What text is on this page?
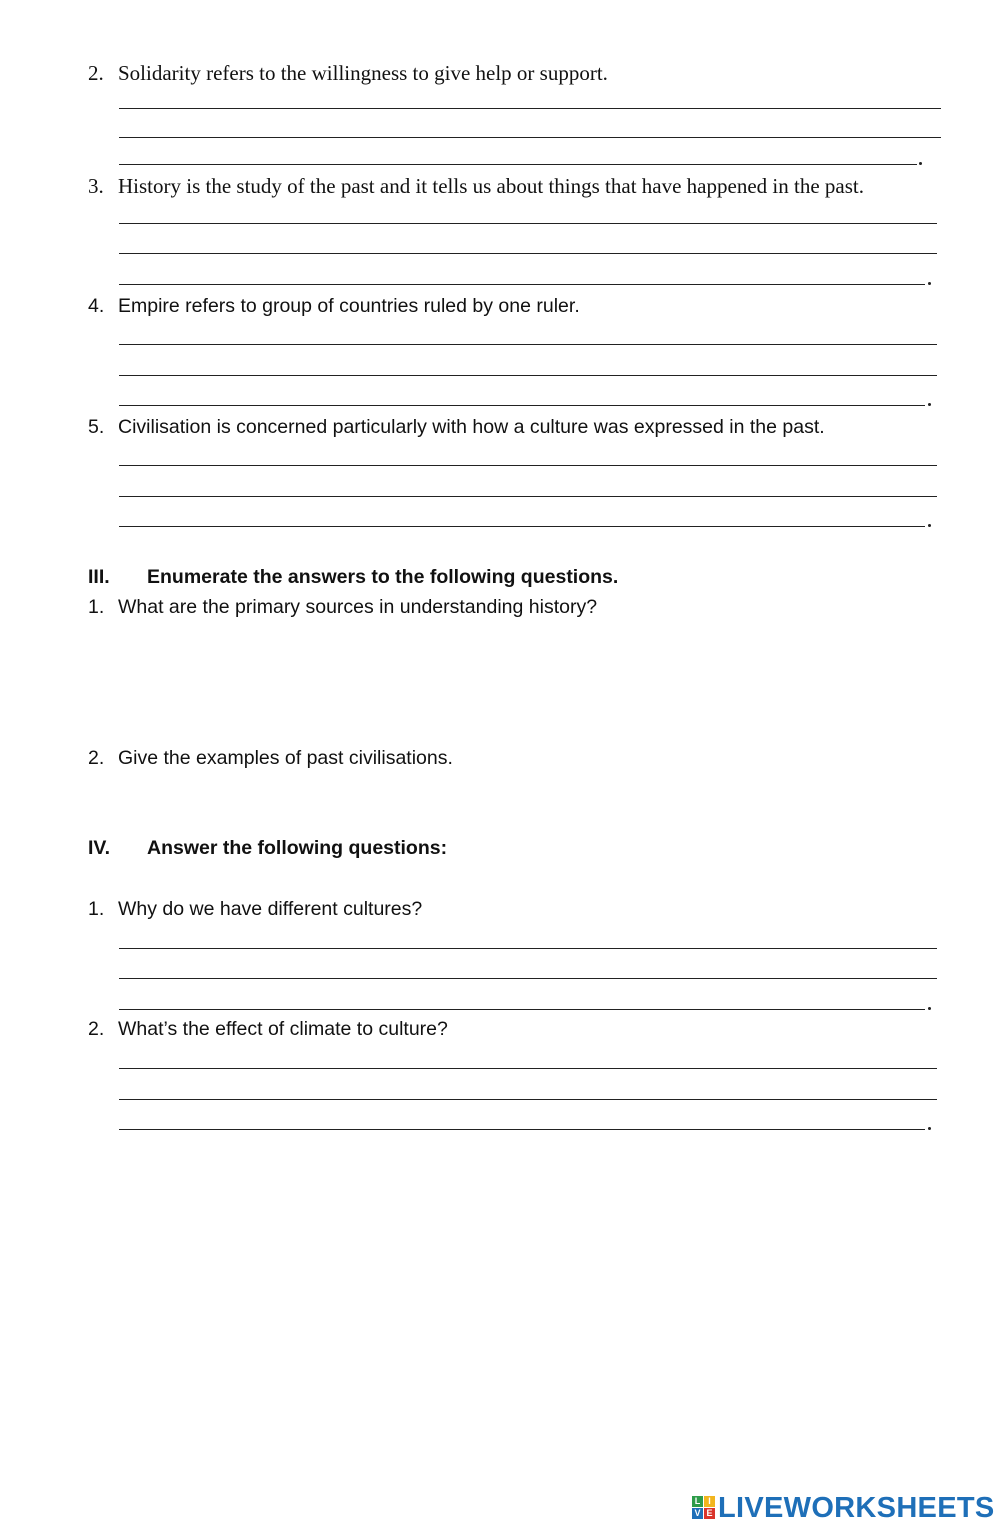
2. Solidarity refers to the willingness to give help or support.
3. History is the study of the past and it tells us about things that have happened in the past.
4. Empire refers to group of countries ruled by one ruler.
5. Civilisation is concerned particularly with how a culture was expressed in the past.
III. Enumerate the answers to the following questions.
1. What are the primary sources in understanding history?
2. Give the examples of past civilisations.
IV. Answer the following questions:
1. Why do we have different cultures?
2. What’s the effect of climate to culture?
L I
V E LIVEWORKSHEETS
